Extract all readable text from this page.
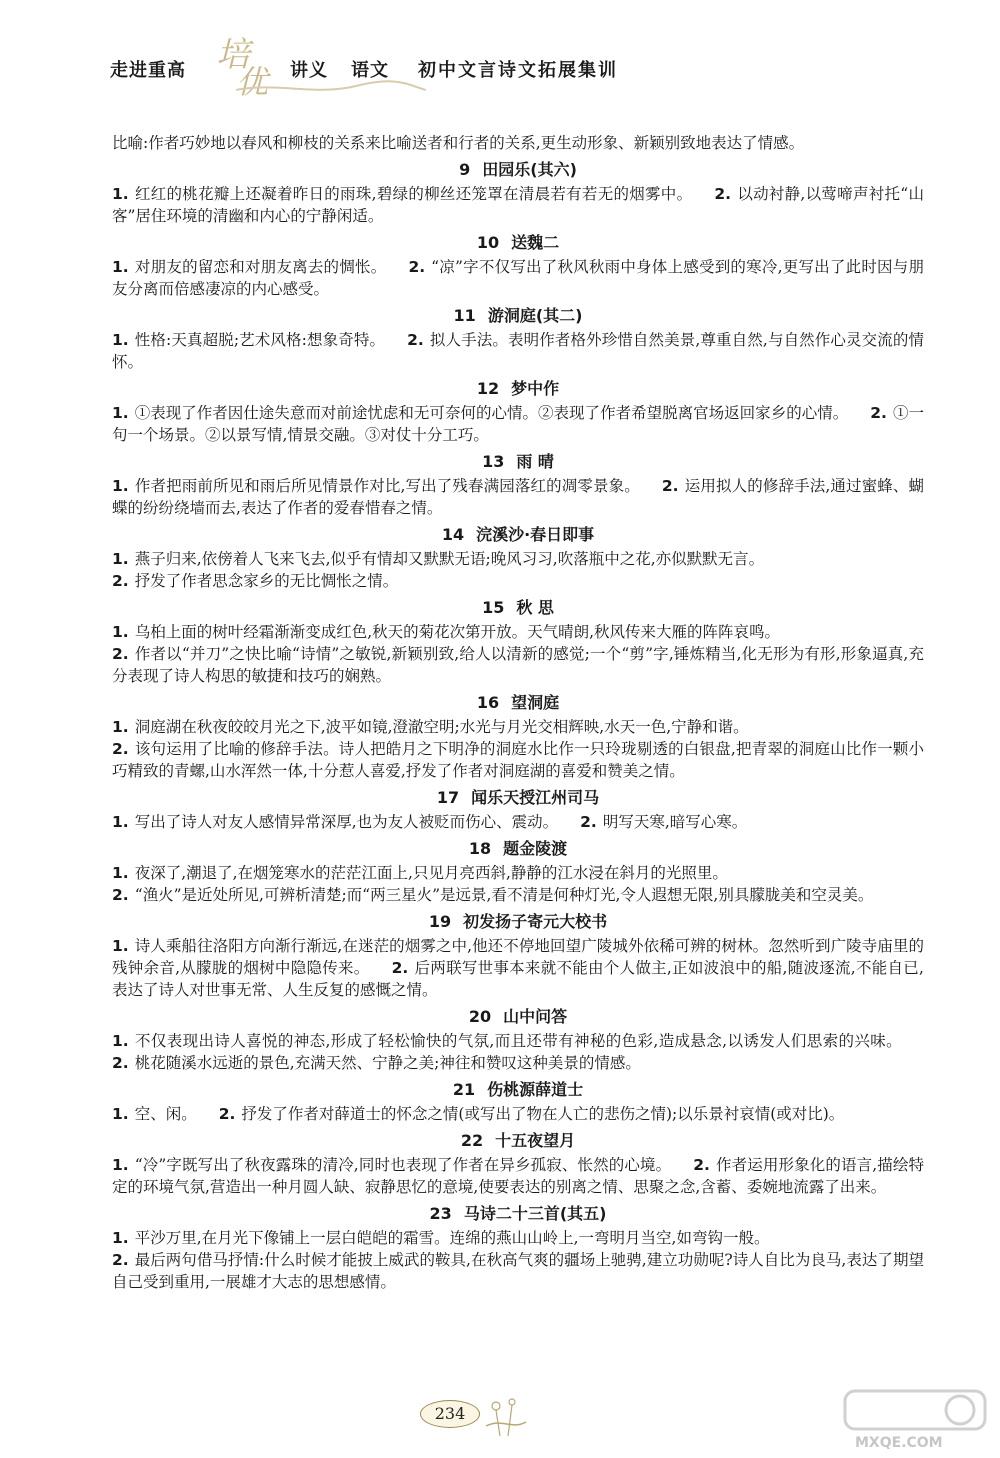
走进重高 培
优 讲义 语文 初中文言诗文拓展集训

比喻:作者巧妙地以春风和柳枝的关系来比喻送者和行者的关系,更生动形象、新颖别致地表达了情感。

9 田园乐(其六)

1. 红红的桃花瓣上还凝着昨日的雨珠,碧绿的柳丝还笼罩在清晨若有若无的烟雾中。 2. 以动衬静,以莺啼声衬托“山客”居住环境的清幽和内心的宁静闲适。

10 送魏二

1. 对朋友的留恋和对朋友离去的惆怅。 2. “凉”字不仅写出了秋风秋雨中身体上感受到的寒冷,更写出了此时因与朋友分离而倍感凄凉的内心感受。

11 游洞庭(其二)

1. 性格:天真超脱;艺术风格:想象奇特。 2. 拟人手法。表明作者格外珍惜自然美景,尊重自然,与自然作心灵交流的情怀。

12 梦中作

1. ①表现了作者因仕途失意而对前途忧虑和无可奈何的心情。②表现了作者希望脱离官场返回家乡的心情。 2. ①一句一个场景。②以景写情,情景交融。③对仗十分工巧。

13 雨 晴

1. 作者把雨前所见和雨后所见情景作对比,写出了残春满园落红的凋零景象。 2. 运用拟人的修辞手法,通过蜜蜂、蝴蝶的纷纷绕墙而去,表达了作者的爱春惜春之情。

14 浣溪沙·春日即事

1. 燕子归来,依傍着人飞来飞去,似乎有情却又默默无语;晚风习习,吹落瓶中之花,亦似默默无言。

2. 抒发了作者思念家乡的无比惆怅之情。

15 秋 思

1. 乌桕上面的树叶经霜渐渐变成红色,秋天的菊花次第开放。天气晴朗,秋风传来大雁的阵阵哀鸣。

2. 作者以“并刀”之快比喻“诗情”之敏锐,新颖别致,给人以清新的感觉;一个“剪”字,锤炼精当,化无形为有形,形象逼真,充分表现了诗人构思的敏捷和技巧的娴熟。

16 望洞庭

1. 洞庭湖在秋夜皎皎月光之下,波平如镜,澄澈空明;水光与月光交相辉映,水天一色,宁静和谐。

2. 该句运用了比喻的修辞手法。诗人把皓月之下明净的洞庭水比作一只玲珑剔透的白银盘,把青翠的洞庭山比作一颗小巧精致的青螺,山水浑然一体,十分惹人喜爱,抒发了作者对洞庭湖的喜爱和赞美之情。

17 闻乐天授江州司马

1. 写出了诗人对友人感情异常深厚,也为友人被贬而伤心、震动。 2. 明写天寒,暗写心寒。

18 题金陵渡

1. 夜深了,潮退了,在烟笼寒水的茫茫江面上,只见月亮西斜,静静的江水浸在斜月的光照里。

2. “渔火”是近处所见,可辨析清楚;而“两三星火”是远景,看不清是何种灯光,令人遐想无限,别具朦胧美和空灵美。

19 初发扬子寄元大校书

1. 诗人乘船往洛阳方向渐行渐远,在迷茫的烟雾之中,他还不停地回望广陵城外依稀可辨的树林。忽然听到广陵寺庙里的残钟余音,从朦胧的烟树中隐隐传来。 2. 后两联写世事本来就不能由个人做主,正如波浪中的船,随波逐流,不能自已,表达了诗人对世事无常、人生反复的感慨之情。

20 山中问答

1. 不仅表现出诗人喜悦的神态,形成了轻松愉快的气氛,而且还带有神秘的色彩,造成悬念,以诱发人们思索的兴味。2. 桃花随溪水远逝的景色,充满天然、宁静之美;神往和赞叹这种美景的情感。

21 伤桃源薛道士

1. 空、闲。 2. 抒发了作者对薛道士的怀念之情(或写出了物在人亡的悲伤之情);以乐景衬哀情(或对比)。

22 十五夜望月

1. “冷”字既写出了秋夜露珠的清冷,同时也表现了作者在异乡孤寂、怅然的心境。 2. 作者运用形象化的语言,描绘特定的环境气氛,营造出一种月圆人缺、寂静思忆的意境,使要表达的别离之情、思聚之念,含蓄、委婉地流露了出来。

23 马诗二十三首(其五)

1. 平沙万里,在月光下像铺上一层白皑皑的霜雪。连绵的燕山山岭上,一弯明月当空,如弯钩一般。

2. 最后两句借马抒情:什么时候才能披上威武的鞍具,在秋高气爽的疆场上驰骋,建立功勋呢?诗人自比为良马,表达了期望自己受到重用,一展雄才大志的思想感情。

234
MXQE.COM
